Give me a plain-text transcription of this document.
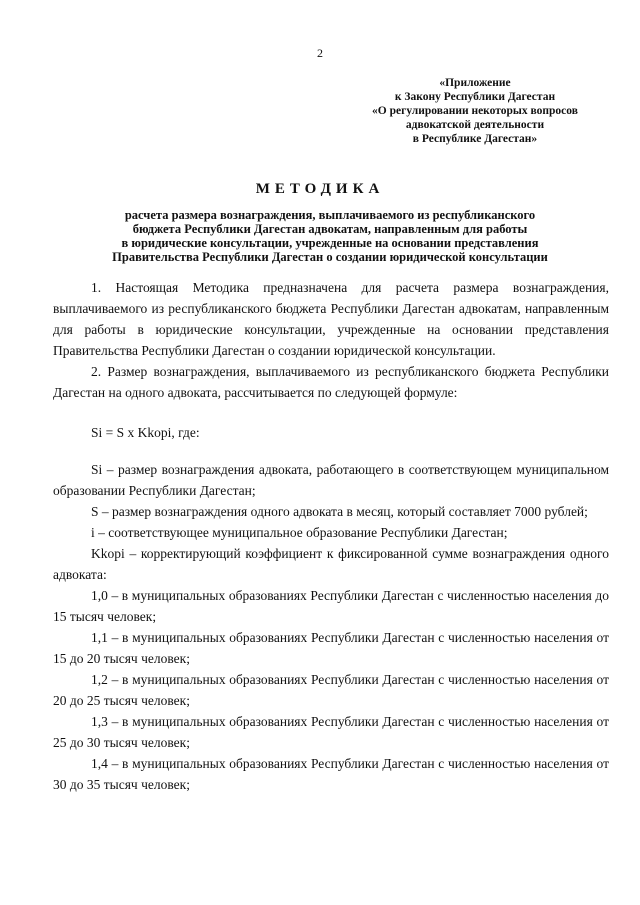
2
«Приложение
к Закону Республики Дагестан
«О регулировании некоторых вопросов
адвокатской деятельности
в Республике Дагестан»
МЕТОДИКА
расчета размера вознаграждения, выплачиваемого из республиканского
бюджета Республики Дагестан адвокатам, направленным для работы
в юридические консультации, учрежденные на основании представления
Правительства Республики Дагестан о создании юридической консультации

1. Настоящая Методика предназначена для расчета размера вознаграждения, выплачиваемого из республиканского бюджета Республики Дагестан адвокатам, направленным для работы в юридические консультации, учрежденные на основании представления Правительства Республики Дагестан о создании юридической консультации.

2. Размер вознаграждения, выплачиваемого из республиканского бюджета Республики Дагестан на одного адвоката, рассчитывается по следующей формуле:

Si = S x Kkopi, где:

Si – размер вознаграждения адвоката, работающего в соответствующем муниципальном образовании Республики Дагестан;

S – размер вознаграждения одного адвоката в месяц, который составляет 7000 рублей;

i – соответствующее муниципальное образование Республики Дагестан;

Kkopi – корректирующий коэффициент к фиксированной сумме вознаграждения одного адвоката:

1,0 – в муниципальных образованиях Республики Дагестан с численностью населения до 15 тысяч человек;

1,1 – в муниципальных образованиях Республики Дагестан с численностью населения от 15 до 20 тысяч человек;

1,2 – в муниципальных образованиях Республики Дагестан с численностью населения от 20 до 25 тысяч человек;

1,3 – в муниципальных образованиях Республики Дагестан с численностью населения от 25 до 30 тысяч человек;

1,4 – в муниципальных образованиях Республики Дагестан с численностью населения от 30 до 35 тысяч человек;
